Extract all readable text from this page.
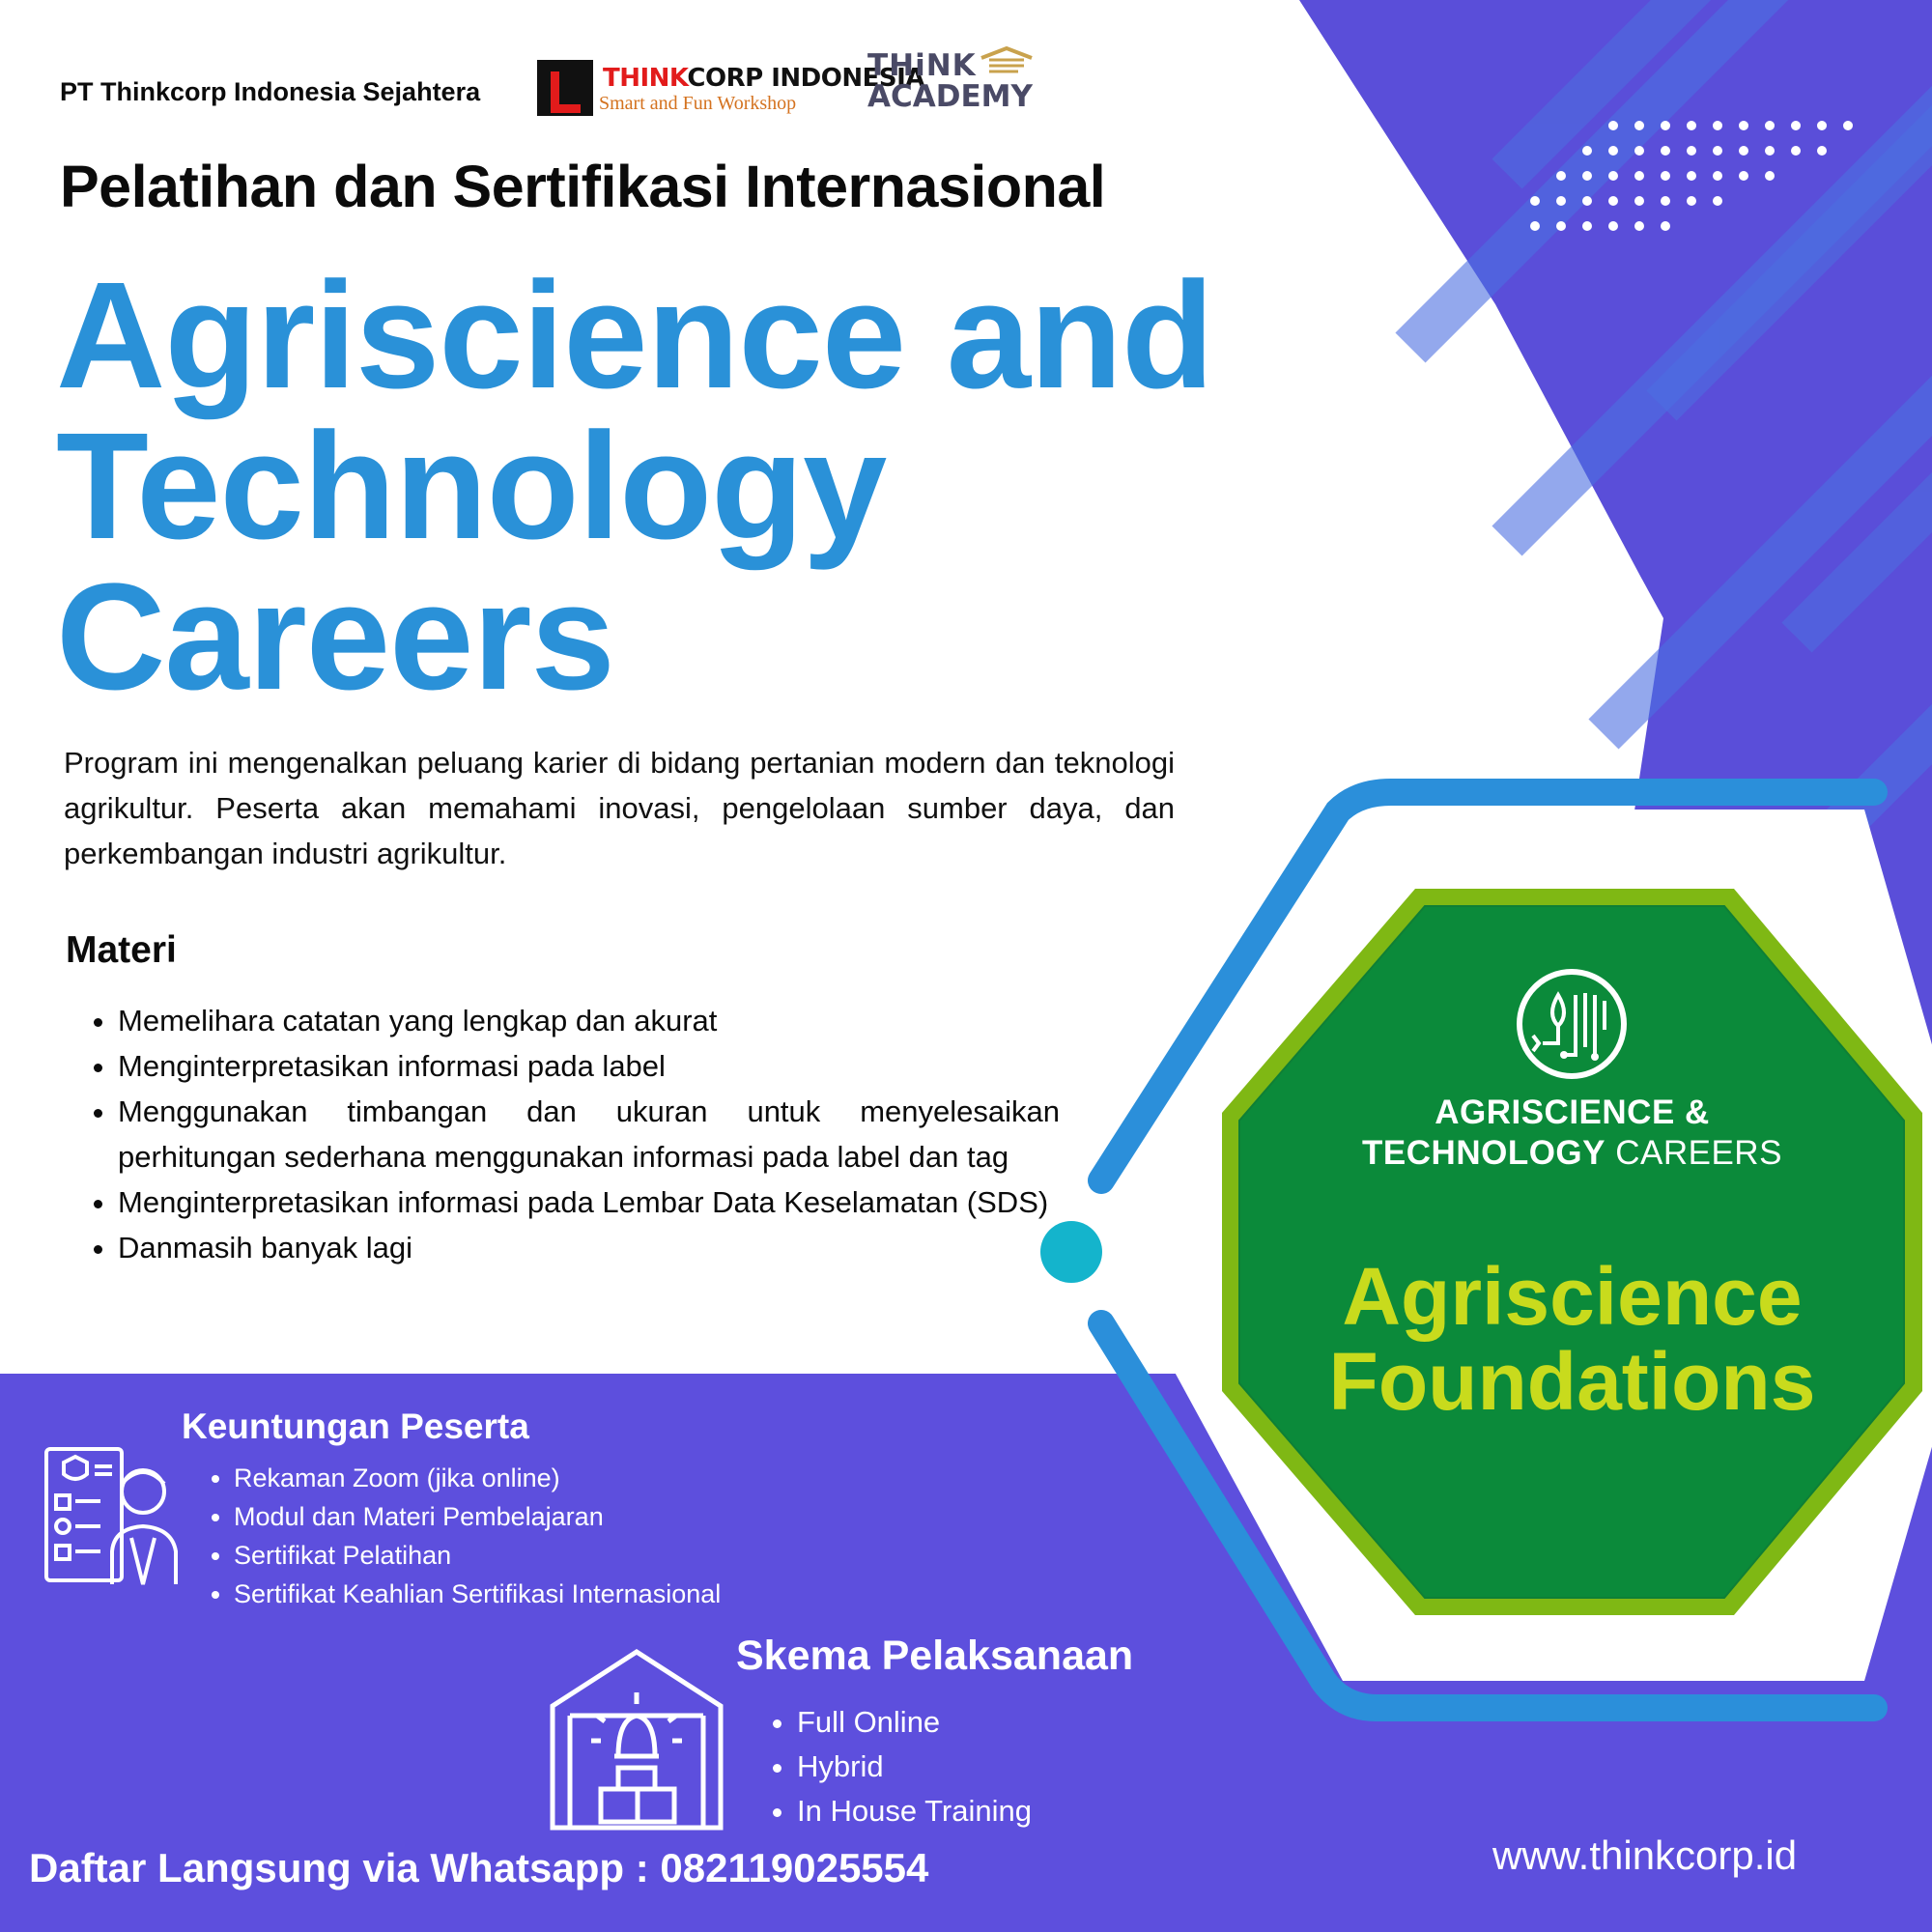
PT Thinkcorp Indonesia Sejahtera	THINKCORP INDONESIA
Smart and Fun Workshop
THiNK
ACADEMY
Pelatihan dan Sertifikasi Internasional
Agriscience and
Technology
Careers
Program ini mengenalkan peluang karier di bidang pertanian modern dan teknologi agrikultur. Peserta akan memahami inovasi, pengelolaan sumber daya, dan perkembangan industri agrikultur.
Materi
• Memelihara catatan yang lengkap dan akurat
• Menginterpretasikan informasi pada label
• Menggunakan timbangan dan ukuran untuk menyelesaikan perhitungan sederhana menggunakan informasi pada label dan tag
• Menginterpretasikan informasi pada Lembar Data Keselamatan (SDS)
• Danmasih banyak lagi
AGRISCIENCE &
TECHNOLOGY CAREERS
Agriscience
Foundations
Keuntungan Peserta
• Rekaman Zoom (jika online)
• Modul dan Materi Pembelajaran
• Sertifikat Pelatihan
• Sertifikat Keahlian Sertifikasi Internasional
Skema Pelaksanaan
• Full Online
• Hybrid
• In House Training
Daftar Langsung via Whatsapp : 082119025554	www.thinkcorp.id
